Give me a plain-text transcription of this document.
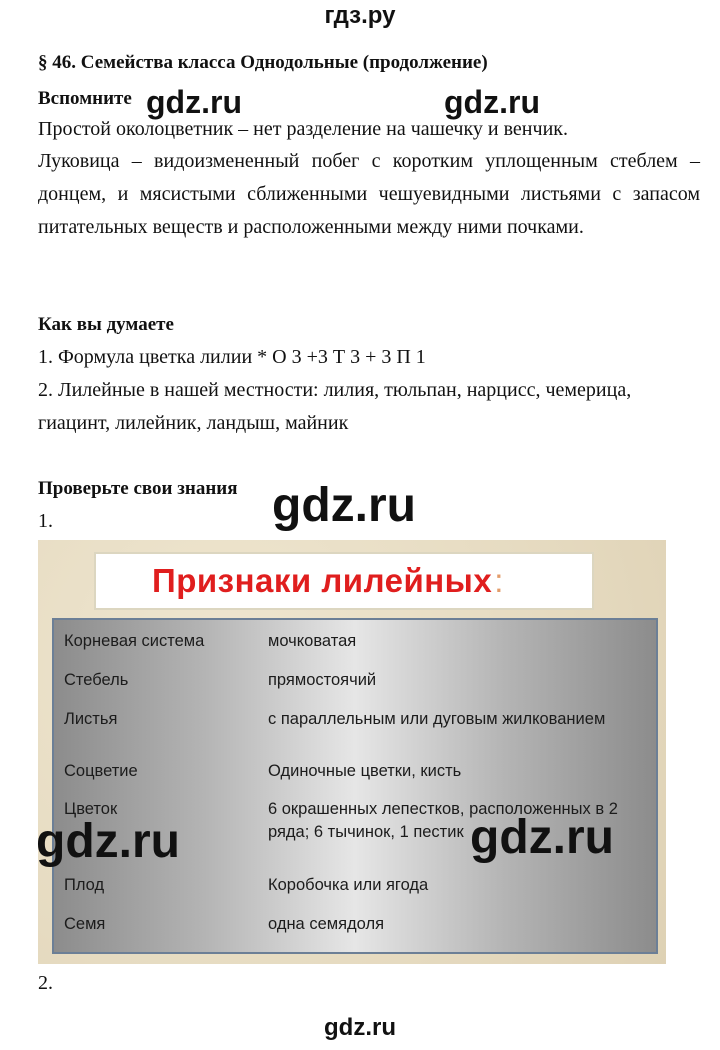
гдз.ру
§ 46. Семейства класса Однодольные (продолжение)
Вспомните
Простой околоцветник – нет разделение на чашечку и венчик.
Луковица – видоизмененный побег с коротким уплощенным стеблем – донцем, и мясистыми сближенными чешуевидными листьями с запасом питательных веществ и расположенными между ними почками.
Как вы думаете
1. Формула цветка лилии * О 3 +3 Т 3 + 3 П 1
2. Лилейные в нашей местности: лилия, тюльпан, нарцисс, чемерица,
гиацинт, лилейник, ландыш, майник
Проверьте свои знания
1.
Признаки лилейных:
Корневая система	мочковатая
Стебель	прямостоячий
Листья	с параллельным или дуговым жилкованием
Соцветие	Одиночные цветки, кисть
Цветок	6 окрашенных лепестков, расположенных в 2 ряда; 6 тычинок, 1 пестик
Плод	Коробочка или ягода
Семя	одна семядоля
2.
gdz.ru	gdz.ru
gdz.ru
gdz.ru	gdz.ru
gdz.ru
